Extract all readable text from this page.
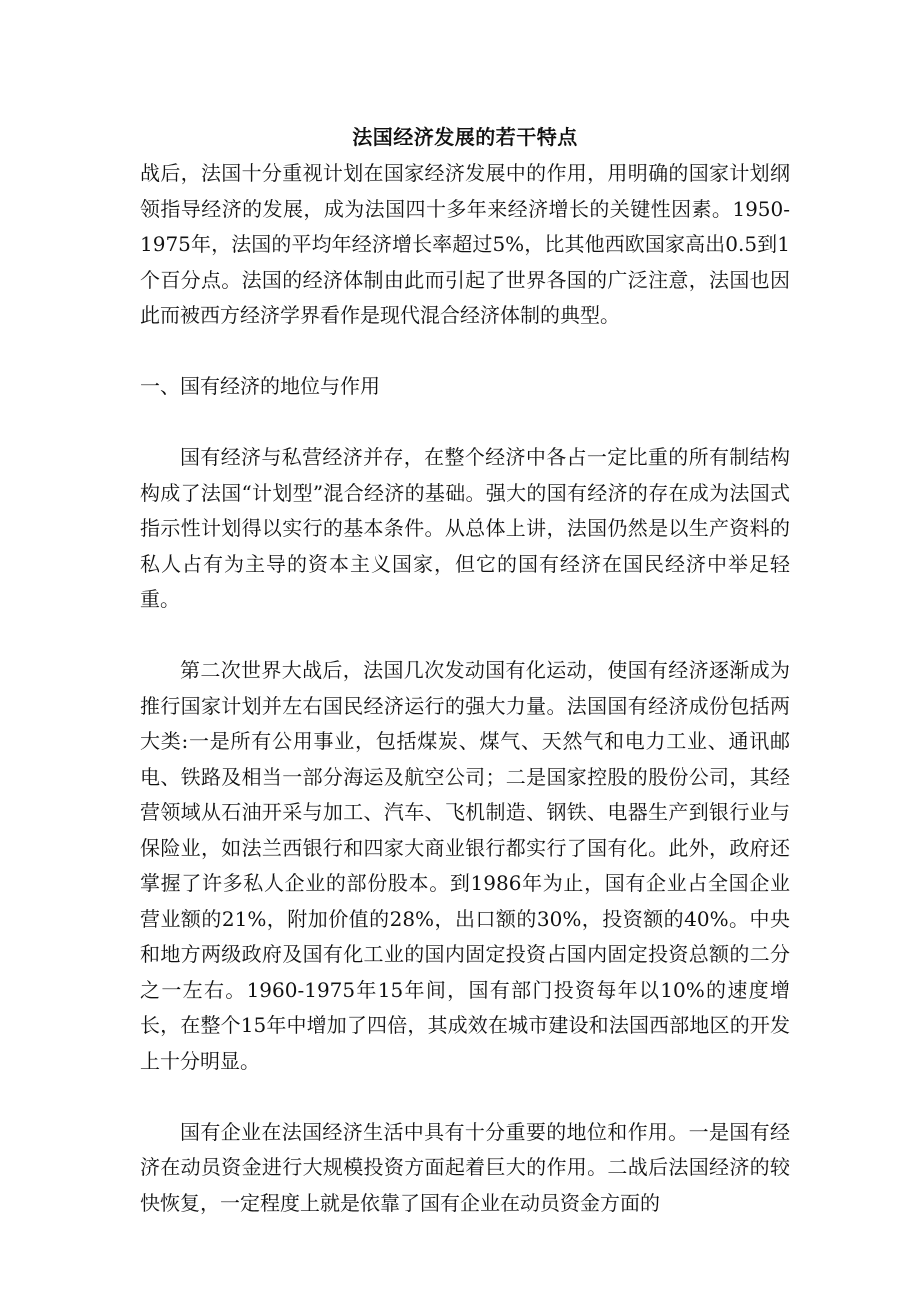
法国经济发展的若干特点

战后，法国十分重视计划在国家经济发展中的作用，用明确的国家计划纲领指导经济的发展，成为法国四十多年来经济增长的关键性因素。1950-1975年，法国的平均年经济增长率超过5%，比其他西欧国家高出0.5到1个百分点。法国的经济体制由此而引起了世界各国的广泛注意，法国也因此而被西方经济学界看作是现代混合经济体制的典型。

一、国有经济的地位与作用

国有经济与私营经济并存，在整个经济中各占一定比重的所有制结构构成了法国“计划型”混合经济的基础。强大的国有经济的存在成为法国式指示性计划得以实行的基本条件。从总体上讲，法国仍然是以生产资料的私人占有为主导的资本主义国家，但它的国有经济在国民经济中举足轻重。

第二次世界大战后，法国几次发动国有化运动，使国有经济逐渐成为推行国家计划并左右国民经济运行的强大力量。法国国有经济成份包括两大类:一是所有公用事业，包括煤炭、煤气、天然气和电力工业、通讯邮电、铁路及相当一部分海运及航空公司；二是国家控股的股份公司，其经营领域从石油开采与加工、汽车、飞机制造、钢铁、电器生产到银行业与保险业，如法兰西银行和四家大商业银行都实行了国有化。此外，政府还掌握了许多私人企业的部份股本。到1986年为止，国有企业占全国企业营业额的21%，附加价值的28%，出口额的30%，投资额的40%。中央和地方两级政府及国有化工业的国内固定投资占国内固定投资总额的二分之一左右。1960-1975年15年间，国有部门投资每年以10%的速度增长，在整个15年中增加了四倍，其成效在城市建设和法国西部地区的开发上十分明显。

国有企业在法国经济生活中具有十分重要的地位和作用。一是国有经济在动员资金进行大规模投资方面起着巨大的作用。二战后法国经济的较快恢复，一定程度上就是依靠了国有企业在动员资金方面的
